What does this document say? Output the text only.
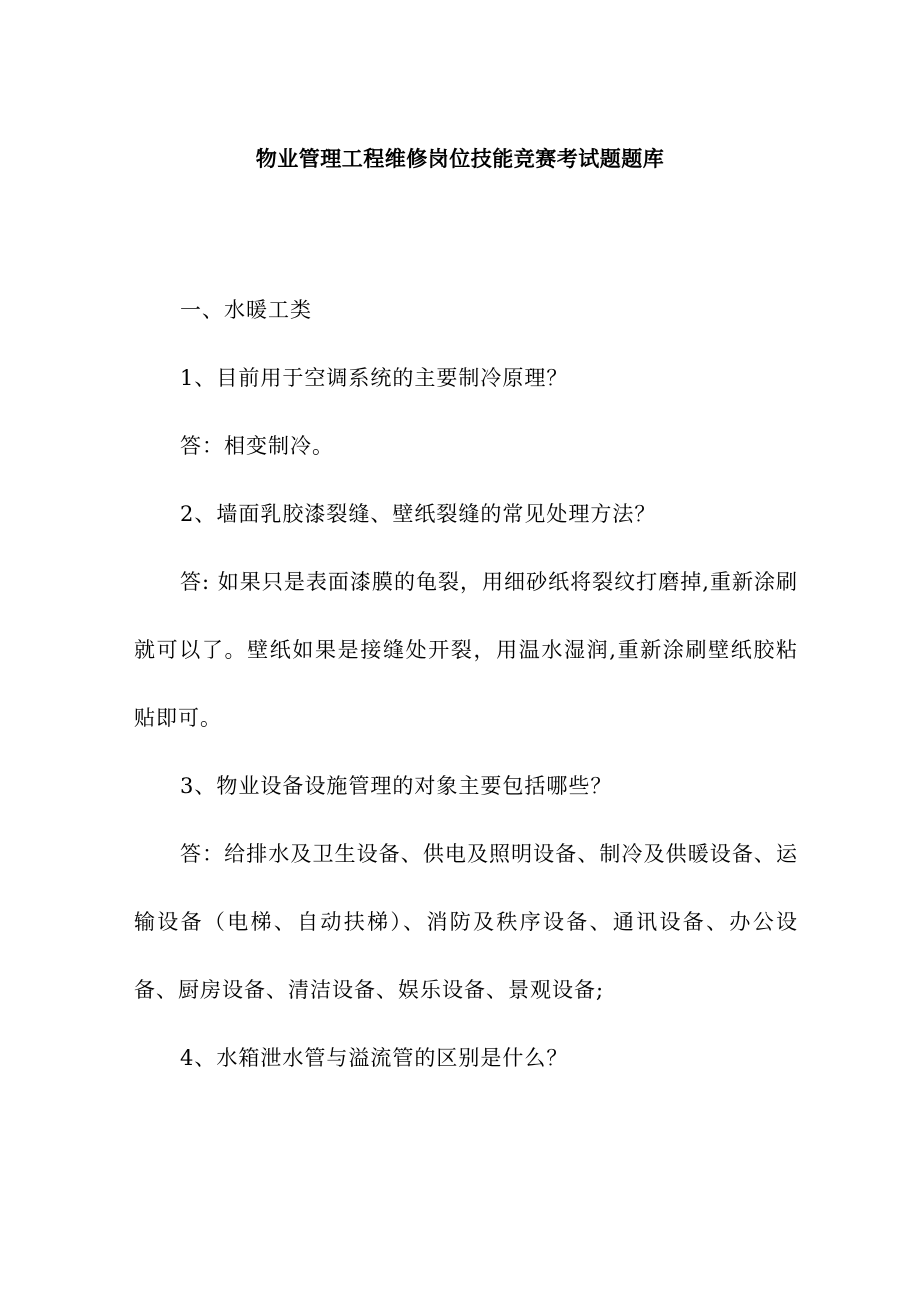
物业管理工程维修岗位技能竞赛考试题题库

一、水暖工类

1、目前用于空调系统的主要制冷原理？

答：相变制冷。

2、墙面乳胶漆裂缝、壁纸裂缝的常见处理方法？

答: 如果只是表面漆膜的龟裂，用细砂纸将裂纹打磨掉,重新涂刷就可以了。壁纸如果是接缝处开裂，用温水湿润,重新涂刷壁纸胶粘贴即可。

3、物业设备设施管理的对象主要包括哪些？

答：给排水及卫生设备、供电及照明设备、制冷及供暖设备、运输设备（电梯、自动扶梯）、消防及秩序设备、通讯设备、办公设备、厨房设备、清洁设备、娱乐设备、景观设备;

4、水箱泄水管与溢流管的区别是什么？
